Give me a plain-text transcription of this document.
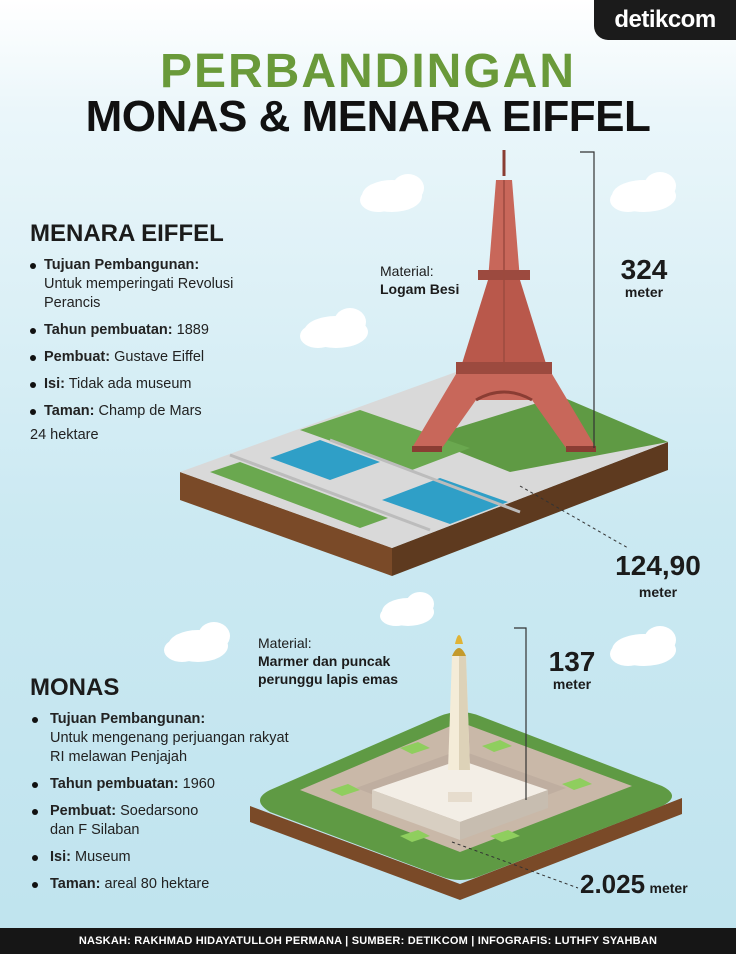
detikcom
PERBANDINGAN
MONAS & MENARA EIFFEL
MENARA EIFFEL
Tujuan Pembangunan:
Untuk memperingati Revolusi Perancis
Tahun pembuatan: 1889
Pembuat: Gustave Eiffel
Isi: Tidak ada museum
Taman: Champ de Mars
24 hektare
Material:
Logam Besi
324
meter
124,90
meter
MONAS
Tujuan Pembangunan:
Untuk mengenang perjuangan rakyat RI melawan Penjajah
Tahun pembuatan: 1960
Pembuat: Soedarsono
dan F Silaban
Isi: Museum
Taman: areal 80 hektare
Material:
Marmer dan puncak
perunggu lapis emas
137
meter
2.025 meter
NASKAH: RAKHMAD HIDAYATULLOH PERMANA | SUMBER: DETIKCOM | INFOGRAFIS: LUTHFY SYAHBAN
